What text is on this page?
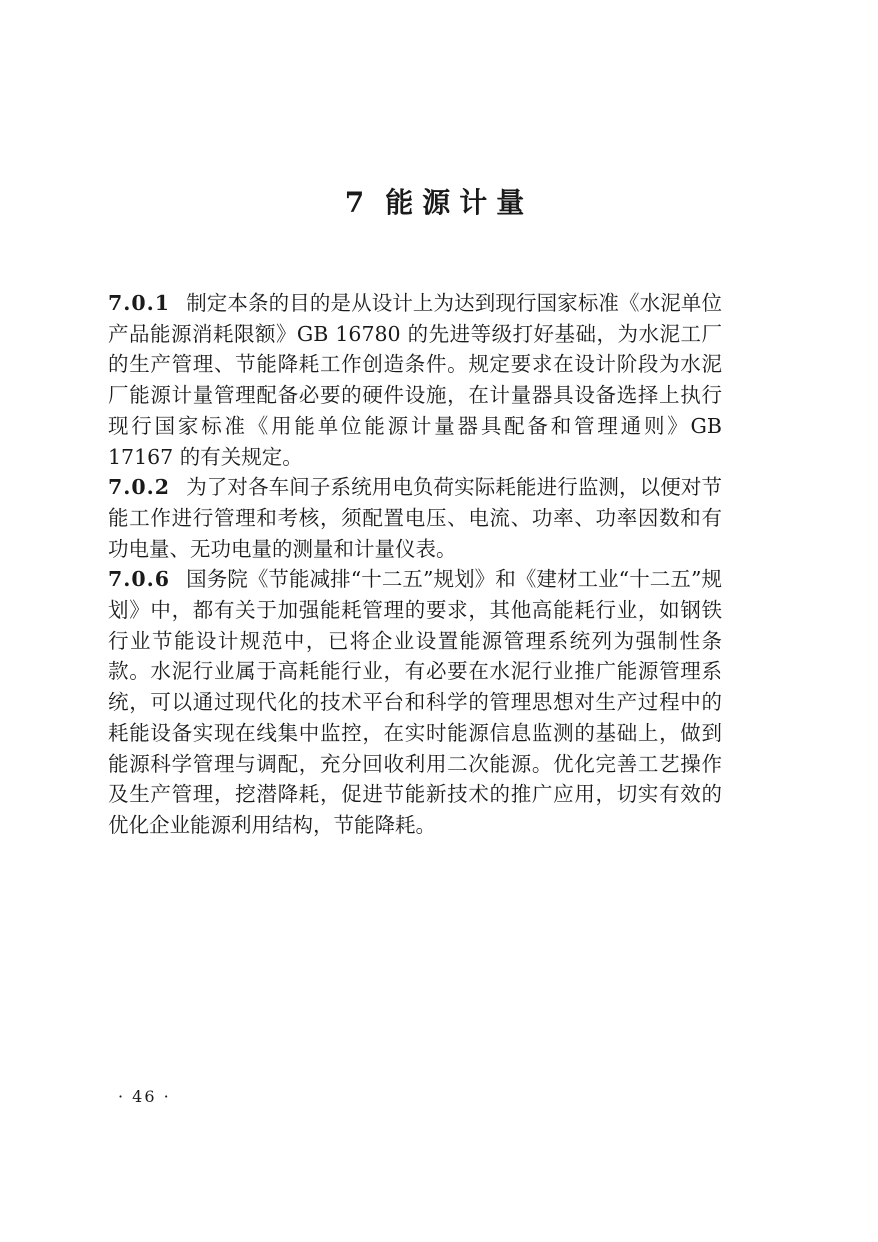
7 能源计量

7.0.1 制定本条的目的是从设计上为达到现行国家标准《水泥单位产品能源消耗限额》GB 16780 的先进等级打好基础，为水泥工厂的生产管理、节能降耗工作创造条件。规定要求在设计阶段为水泥厂能源计量管理配备必要的硬件设施，在计量器具设备选择上执行现行国家标准《用能单位能源计量器具配备和管理通则》GB 17167 的有关规定。

7.0.2 为了对各车间子系统用电负荷实际耗能进行监测，以便对节能工作进行管理和考核，须配置电压、电流、功率、功率因数和有功电量、无功电量的测量和计量仪表。

7.0.6 国务院《节能减排“十二五”规划》和《建材工业“十二五”规划》中，都有关于加强能耗管理的要求，其他高能耗行业，如钢铁行业节能设计规范中，已将企业设置能源管理系统列为强制性条款。水泥行业属于高耗能行业，有必要在水泥行业推广能源管理系统，可以通过现代化的技术平台和科学的管理思想对生产过程中的耗能设备实现在线集中监控，在实时能源信息监测的基础上，做到能源科学管理与调配，充分回收利用二次能源。优化完善工艺操作及生产管理，挖潜降耗，促进节能新技术的推广应用，切实有效的优化企业能源利用结构，节能降耗。

· 46 ·
